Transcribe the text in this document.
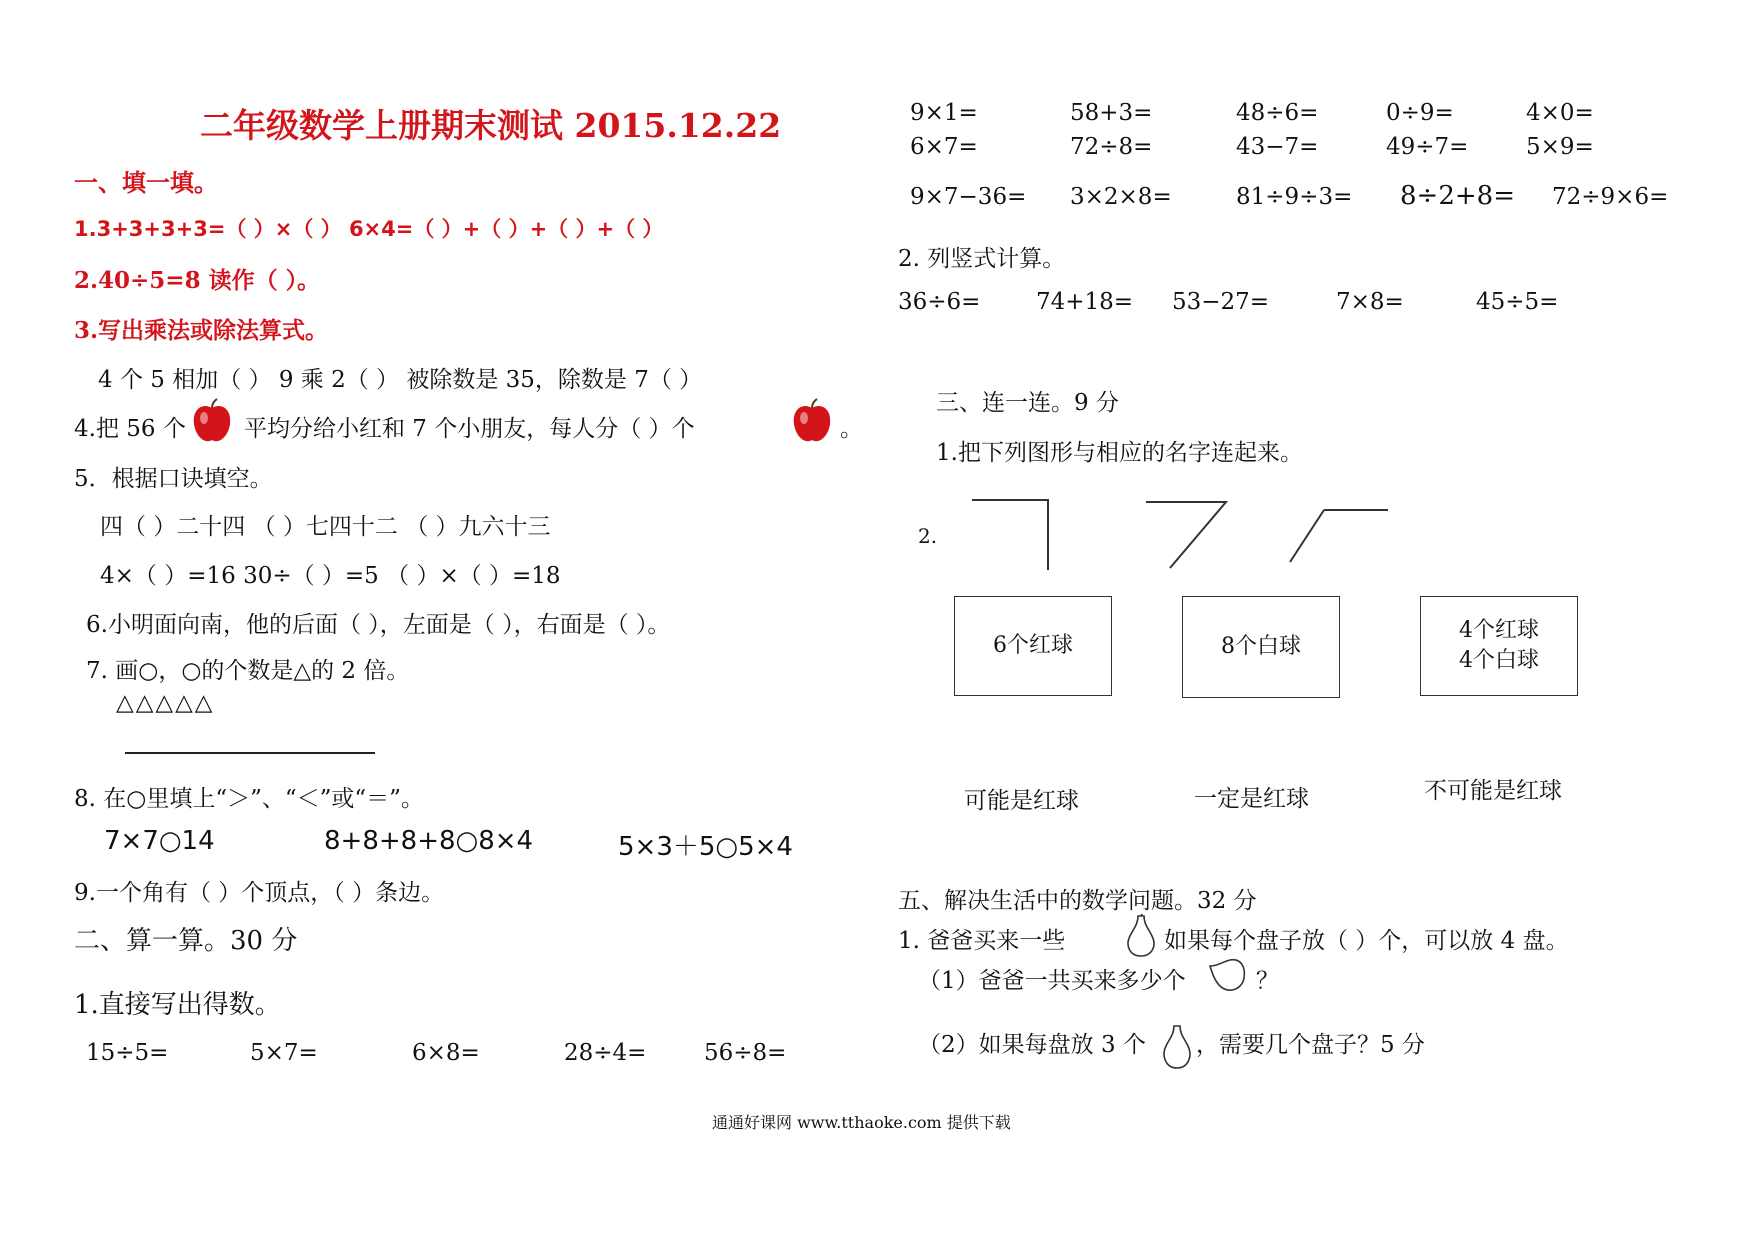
二年级数学上册期末测试 2015.12.22
一、填一填。
1.3+3+3+3=（ ）×（ ） 6×4=（ ）+（ ）+（ ）+（ ）
2.40÷5=8 读作（ ）。
3.写出乘法或除法算式。
4 个 5 相加（ ） 9 乘 2（ ） 被除数是 35，除数是 7（ ）
4.把 56 个	平均分给小红和 7 个小朋友，每人分（ ）个	。
5．根据口诀填空。
四（ ）二十四 （ ）七四十二 （ ）九六十三
4×（ ）=16 30÷（ ）=5 （ ）×（ ）=18
6.小明面向南，他的后面（ ），左面是（ ），右面是（ ）。
7. 画○，○的个数是△的 2 倍。
△△△△△
8. 在○里填上“＞”、“＜”或“＝”。
7×7○14	8+8+8+8○8×4	5×3＋5○5×4
9.一个角有（ ）个顶点，（ ）条边。
二、算一算。30 分
1.直接写出得数。
15÷5=	5×7=	6×8=	28÷4=	56÷8=
9×1=	58+3=	48÷6=	0÷9=	4×0=
6×7=	72÷8=	43−7=	49÷7=	5×9=
9×7−36= 3×2×8=	81÷9÷3= 8÷2+8= 72÷9×6=
2. 列竖式计算。
36÷6= 74+18= 53−27=	7×8=	45÷5=
三、连一连。9 分
1.把下列图形与相应的名字连起来。
2.
6个红球	8个白球
4个红球
4个白球
可能是红球	一定是红球	不可能是红球
五、解决生活中的数学问题。32 分
1. 爸爸买来一些	如果每个盘子放（ ）个，可以放 4 盘。
（1）爸爸一共买来多少个	？
（2）如果每盘放 3 个 ，需要几个盘子？5 分
通通好课网 www.tthaoke.com 提供下载
